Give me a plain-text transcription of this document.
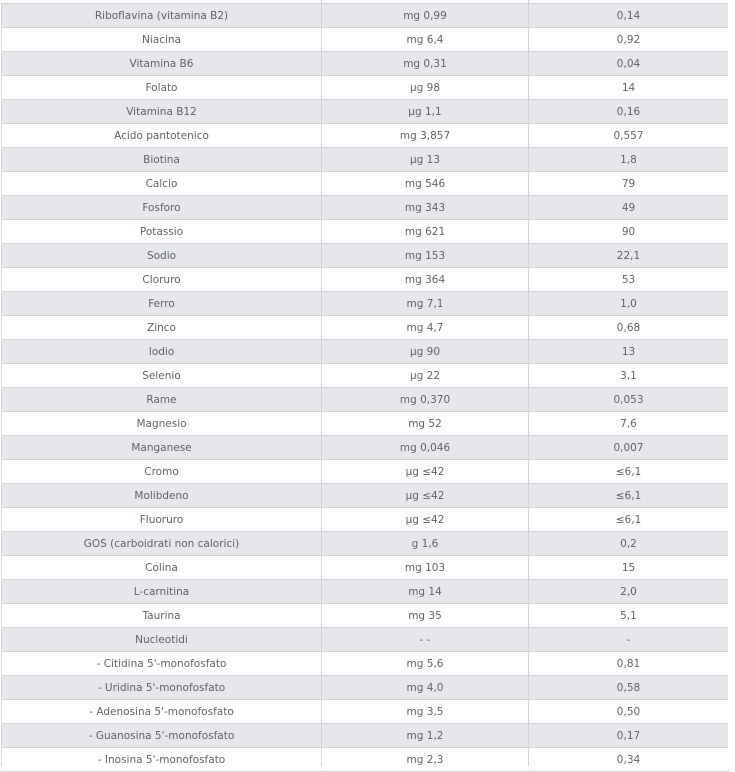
Riboflavina (vitamina B2)	mg 0,99	0,14
Niacina	mg 6,4	0,92
Vitamina B6	mg 0,31	0,04
Folato	µg 98	14
Vitamina B12	µg 1,1	0,16
Acido pantotenico	mg 3,857	0,557
Biotina	µg 13	1,8
Calcio	mg 546	79
Fosforo	mg 343	49
Potassio	mg 621	90
Sodio	mg 153	22,1
Cloruro	mg 364	53
Ferro	mg 7,1	1,0
Zinco	mg 4,7	0,68
Iodio	µg 90	13
Selenio	µg 22	3,1
Rame	mg 0,370	0,053
Magnesio	mg 52	7,6
Manganese	mg 0,046	0,007
Cromo	µg ≤42	≤6,1
Molibdeno	µg ≤42	≤6,1
Fluoruro	µg ≤42	≤6,1
GOS (carboidrati non calorici)	g 1,6	0,2
Colina	mg 103	15
L-carnitina	mg 14	2,0
Taurina	mg 35	5,1
Nucleotidi	- -	-
- Citidina 5'-monofosfato	mg 5,6	0,81
- Uridina 5'-monofosfato	mg 4,0	0,58
- Adenosina 5'-monofosfato	mg 3,5	0,50
- Guanosina 5'-monofosfato	mg 1,2	0,17
- Inosina 5'-monofosfato	mg 2,3	0,34
